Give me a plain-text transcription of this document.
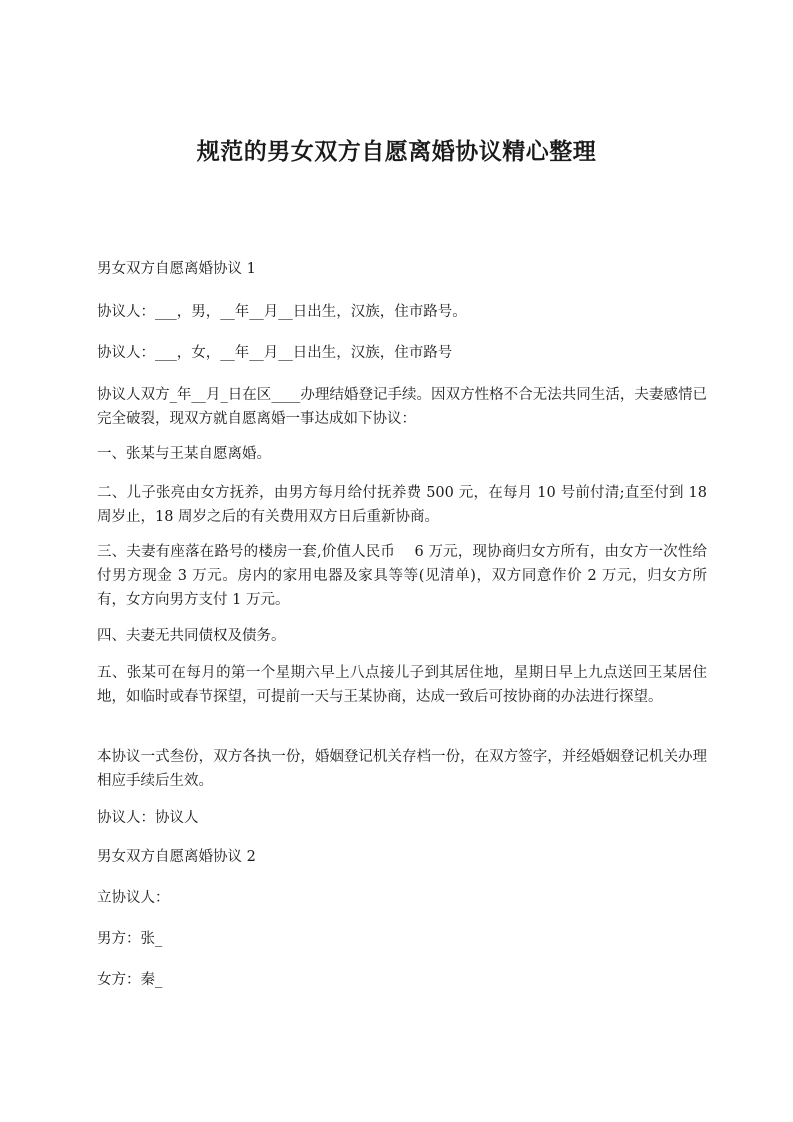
规范的男女双方自愿离婚协议精心整理

男女双方自愿离婚协议 1

协议人：___，男，__年__月__日出生，汉族，住市路号。

协议人：___，女，__年__月__日出生，汉族，住市路号

协议人双方_年__月_日在区____办理结婚登记手续。因双方性格不合无法共同生活，夫妻感情已完全破裂，现双方就自愿离婚一事达成如下协议：

一、张某与王某自愿离婚。

二、儿子张亮由女方抚养，由男方每月给付抚养费 500 元，在每月 10 号前付清;直至付到 18 周岁止，18 周岁之后的有关费用双方日后重新协商。

三、夫妻有座落在路号的楼房一套,价值人民币　 6 万元，现协商归女方所有，由女方一次性给付男方现金 3 万元。房内的家用电器及家具等等(见清单)，双方同意作价 2 万元，归女方所有，女方向男方支付 1 万元。

四、夫妻无共同债权及债务。

五、张某可在每月的第一个星期六早上八点接儿子到其居住地，星期日早上九点送回王某居住地，如临时或春节探望，可提前一天与王某协商，达成一致后可按协商的办法进行探望。

本协议一式叁份，双方各执一份，婚姻登记机关存档一份，在双方签字，并经婚姻登记机关办理相应手续后生效。

协议人：协议人

男女双方自愿离婚协议 2

立协议人：

男方：张_

女方：秦_
